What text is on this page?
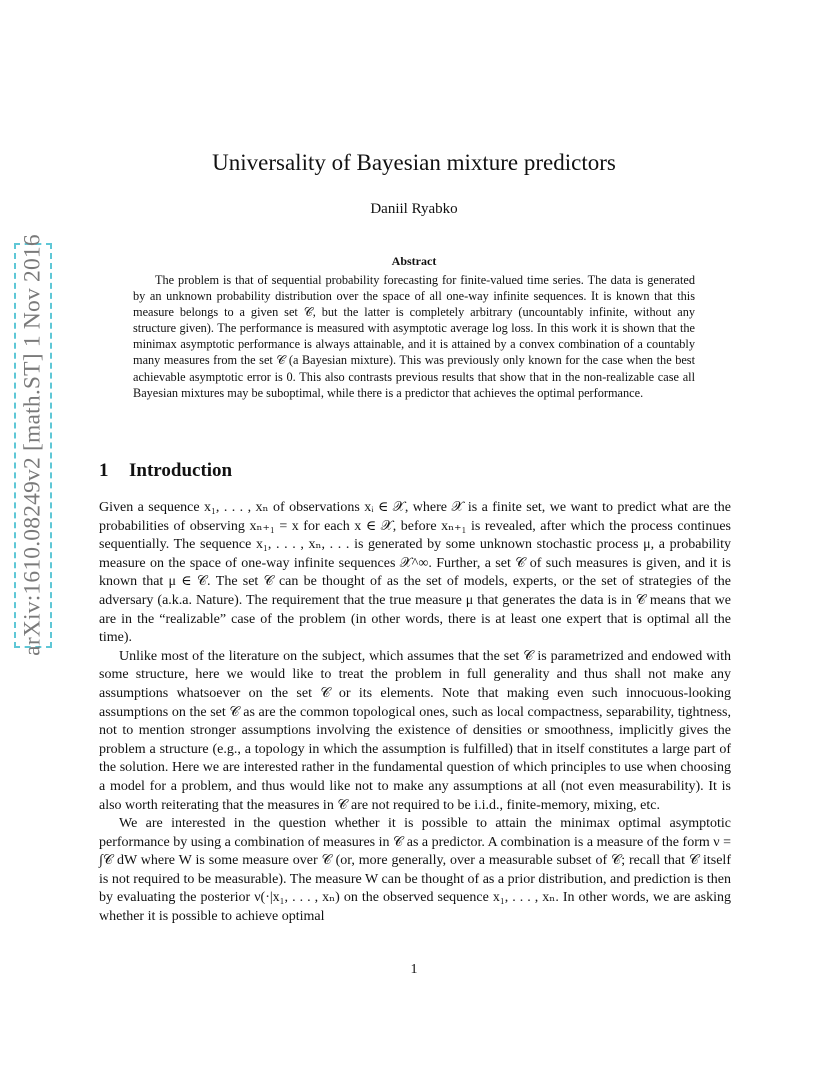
arXiv:1610.08249v2 [math.ST] 1 Nov 2016
Universality of Bayesian mixture predictors
Daniil Ryabko
Abstract

The problem is that of sequential probability forecasting for finite-valued time series. The data is generated by an unknown probability distribution over the space of all one-way infinite sequences. It is known that this measure belongs to a given set 𝒞, but the latter is completely arbitrary (uncountably infinite, without any structure given). The performance is measured with asymptotic average log loss. In this work it is shown that the minimax asymptotic performance is always attainable, and it is attained by a convex combination of a countably many measures from the set 𝒞 (a Bayesian mixture). This was previously only known for the case when the best achievable asymptotic error is 0. This also contrasts previous results that show that in the non-realizable case all Bayesian mixtures may be suboptimal, while there is a predictor that achieves the optimal performance.

1 Introduction

Given a sequence x₁, . . . , xₙ of observations xᵢ ∈ 𝒳, where 𝒳 is a finite set, we want to predict what are the probabilities of observing xₙ₊₁ = x for each x ∈ 𝒳, before xₙ₊₁ is revealed, after which the process continues sequentially. The sequence x₁, . . . , xₙ, . . . is generated by some unknown stochastic process μ, a probability measure on the space of one-way infinite sequences 𝒳^∞. Further, a set 𝒞 of such measures is given, and it is known that μ ∈ 𝒞. The set 𝒞 can be thought of as the set of models, experts, or the set of strategies of the adversary (a.k.a. Nature). The requirement that the true measure μ that generates the data is in 𝒞 means that we are in the “realizable” case of the problem (in other words, there is at least one expert that is optimal all the time).

Unlike most of the literature on the subject, which assumes that the set 𝒞 is parametrized and endowed with some structure, here we would like to treat the problem in full generality and thus shall not make any assumptions whatsoever on the set 𝒞 or its elements. Note that making even such innocuous-looking assumptions on the set 𝒞 as are the common topological ones, such as local compactness, separability, tightness, not to mention stronger assumptions involving the existence of densities or smoothness, implicitly gives the problem a structure (e.g., a topology in which the assumption is fulfilled) that in itself constitutes a large part of the solution. Here we are interested rather in the fundamental question of which principles to use when choosing a model for a problem, and thus would like not to make any assumptions at all (not even measurability). It is also worth reiterating that the measures in 𝒞 are not required to be i.i.d., finite-memory, mixing, etc.

We are interested in the question whether it is possible to attain the minimax optimal asymptotic performance by using a combination of measures in 𝒞 as a predictor. A combination is a measure of the form ν = ∫𝒞 dW where W is some measure over 𝒞 (or, more generally, over a measurable subset of 𝒞; recall that 𝒞 itself is not required to be measurable). The measure W can be thought of as a prior distribution, and prediction is then by evaluating the posterior ν(·|x₁, . . . , xₙ) on the observed sequence x₁, . . . , xₙ. In other words, we are asking whether it is possible to achieve optimal

1
